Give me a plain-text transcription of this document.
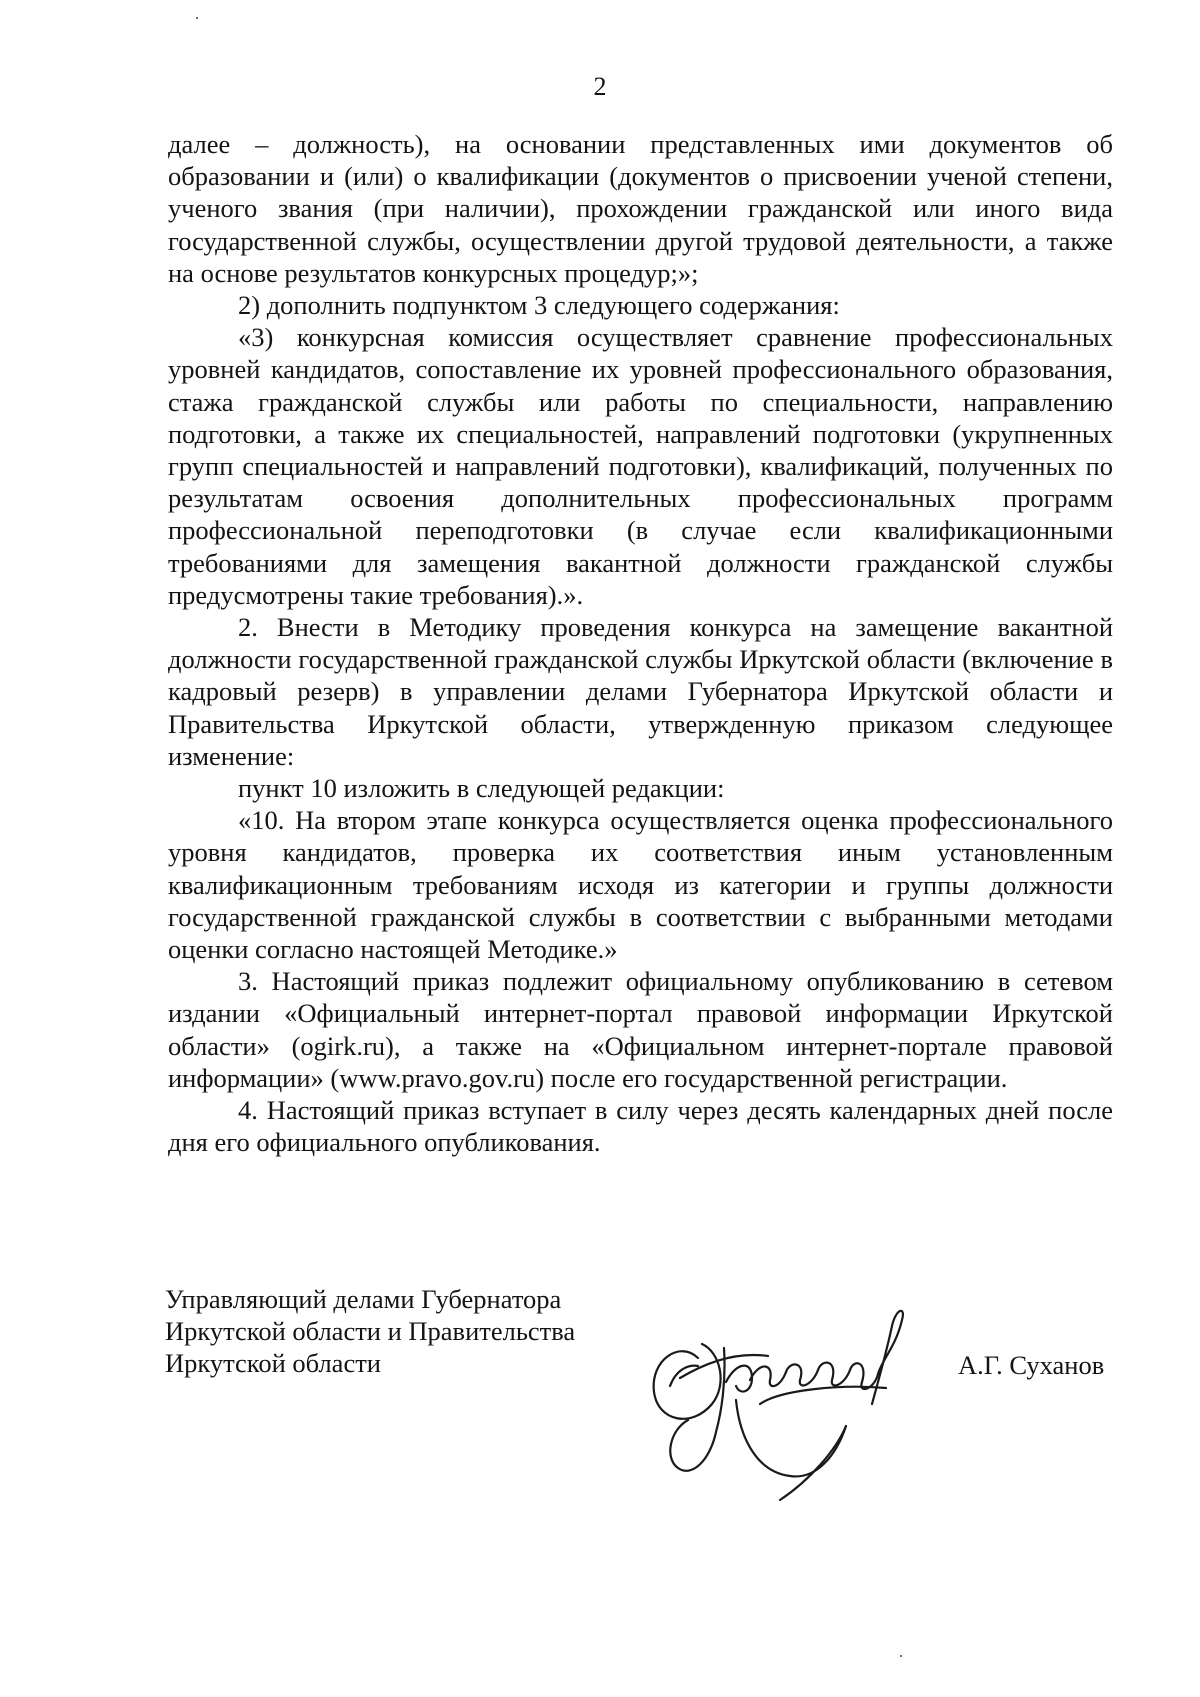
2

далее – должность), на основании представленных ими документов об образовании и (или) о квалификации (документов о присвоении ученой степени, ученого звания (при наличии), прохождении гражданской или иного вида государственной службы, осуществлении другой трудовой деятельности, а также на основе результатов конкурсных процедур;»;

2) дополнить подпунктом 3 следующего содержания:

«3) конкурсная комиссия осуществляет сравнение профессиональных уровней кандидатов, сопоставление их уровней профессионального образования, стажа гражданской службы или работы по специальности, направлению подготовки, а также их специальностей, направлений подготовки (укрупненных групп специальностей и направлений подготовки), квалификаций, полученных по результатам освоения дополнительных профессиональных программ профессиональной переподготовки (в случае если квалификационными требованиями для замещения вакантной должности гражданской службы предусмотрены такие требования).».

2. Внести в Методику проведения конкурса на замещение вакантной должности государственной гражданской службы Иркутской области (включение в кадровый резерв) в управлении делами Губернатора Иркутской области и Правительства Иркутской области, утвержденную приказом следующее изменение:

пункт 10 изложить в следующей редакции:

«10. На втором этапе конкурса осуществляется оценка профессионального уровня кандидатов, проверка их соответствия иным установленным квалификационным требованиям исходя из категории и группы должности государственной гражданской службы в соответствии с выбранными методами оценки согласно настоящей Методике.»

3. Настоящий приказ подлежит официальному опубликованию в сетевом издании «Официальный интернет-портал правовой информации Иркутской области» (ogirk.ru), а также на «Официальном интернет-портале правовой информации» (www.pravo.gov.ru) после его государственной регистрации.

4. Настоящий приказ вступает в силу через десять календарных дней после дня его официального опубликования.

Управляющий делами Губернатора
Иркутской области и Правительства
Иркутской области	А.Г. Суханов
